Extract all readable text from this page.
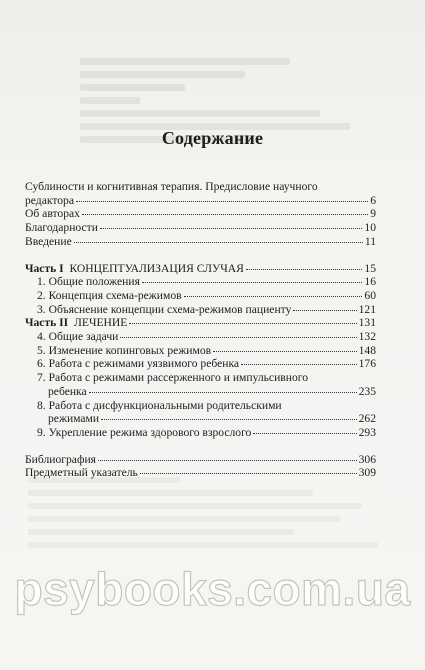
Содержание
Сублиности и когнитивная терапия. Предисловие научного
редактора	6
Об авторах	9
Благодарности	10
Введение	11
Часть I КОНЦЕПТУАЛИЗАЦИЯ СЛУЧАЯ	15
1. Общие положения	16
2. Концепция схема-режимов	60
3. Объяснение концепции схема-режимов пациенту	121
Часть II ЛЕЧЕНИЕ	131
4. Общие задачи	132
5. Изменение копинговых режимов	148
6. Работа с режимами уязвимого ребенка	176
7. Работа с режимами рассерженного и импульсивного
ребенка	235
8. Работа с дисфункциональными родительскими
режимами	262
9. Укрепление режима здорового взрослого	293
Библиография	306
Предметный указатель	309
psybooks.com.ua
